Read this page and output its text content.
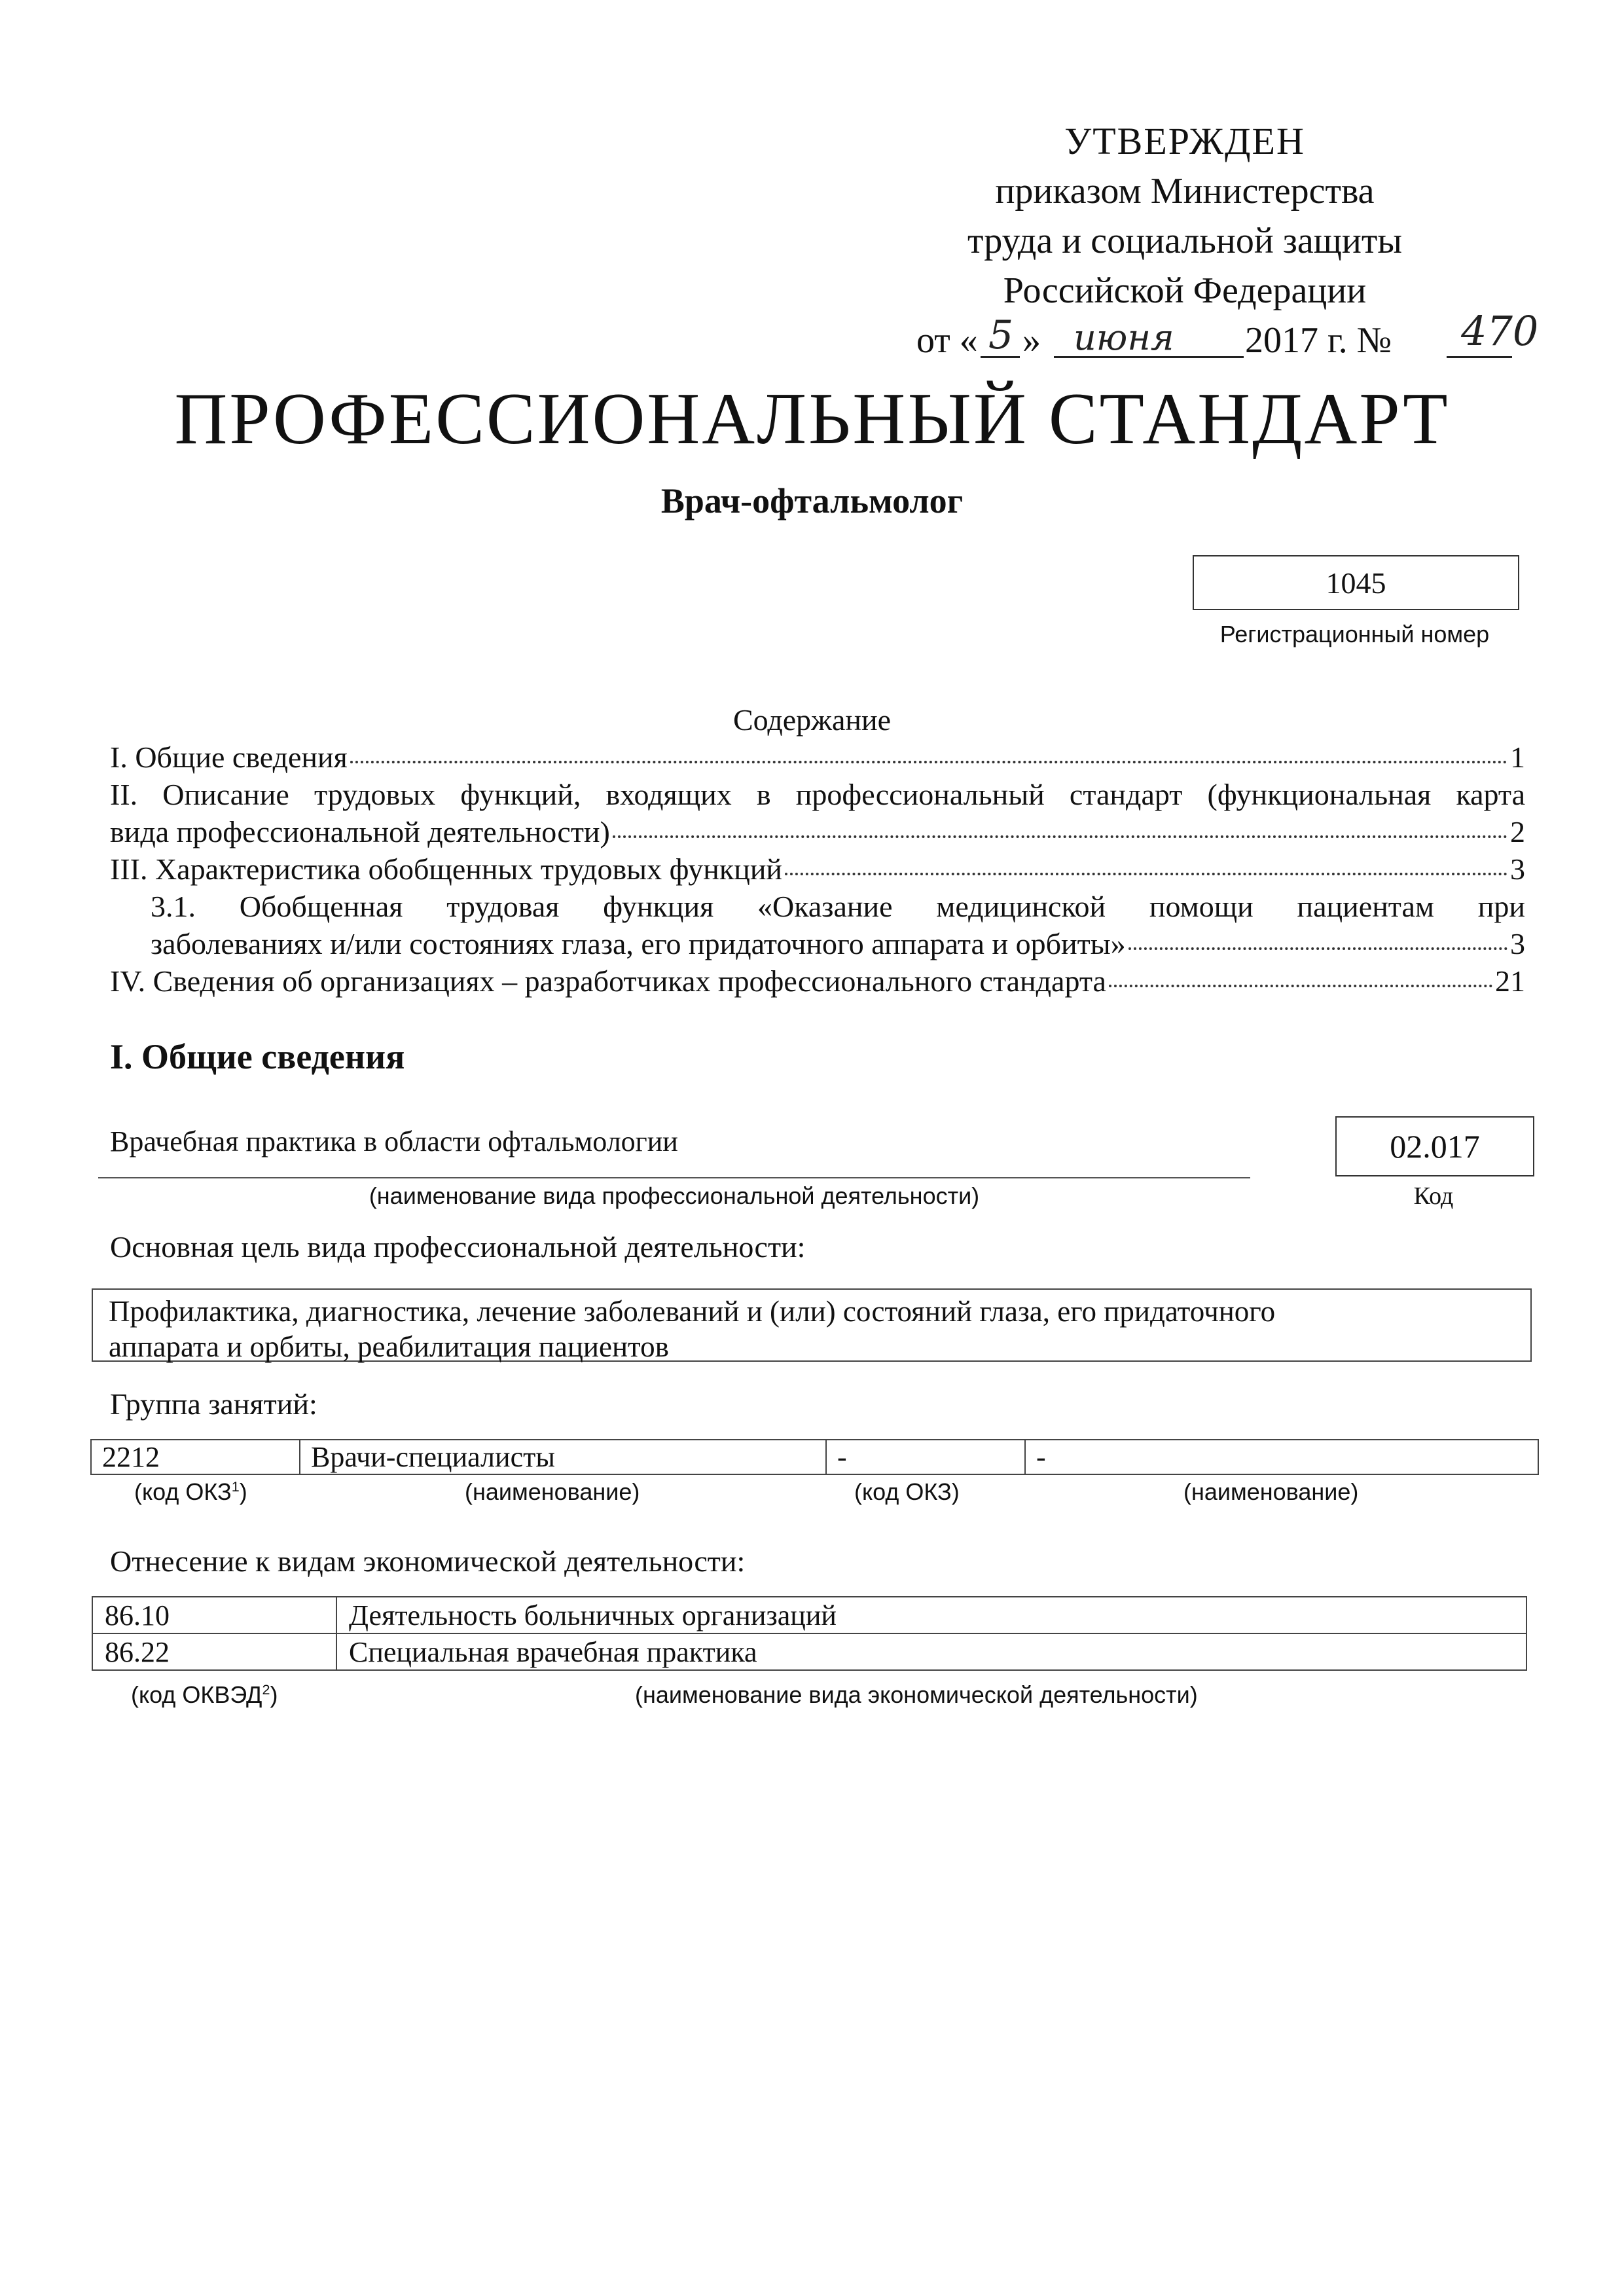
УТВЕРЖДЕН
приказом Министерства
труда и социальной защиты
Российской Федерации
от « 5 » июня 2017 г. № 470
ПРОФЕССИОНАЛЬНЫЙ СТАНДАРТ
Врач-офтальмолог
1045
Регистрационный номер
Содержание
I. Общие сведения	1
II. Описание трудовых функций, входящих в профессиональный стандарт (функциональная карта
вида профессиональной деятельности)	2
III. Характеристика обобщенных трудовых функций	3
3.1. Обобщенная трудовая функция «Оказание медицинской помощи пациентам при
заболеваниях и/или состояниях глаза, его придаточного аппарата и орбиты»	3
IV. Сведения об организациях – разработчиках профессионального стандарта	21
I. Общие сведения
Врачебная практика в области офтальмологии
(наименование вида профессиональной деятельности)
02.017
Код
Основная цель вида профессиональной деятельности:
Профилактика, диагностика, лечение заболеваний и (или) состояний глаза, его придаточного
аппарата и орбиты, реабилитация пациентов
Группа занятий:
2212	Врачи-специалисты	-	-
(код ОКЗ$^1$)	(наименование)	(код ОКЗ)	(наименование)
Отнесение к видам экономической деятельности:
86.10	Деятельность больничных организаций
86.22	Специальная врачебная практика
(код ОКВЭД$^2$)	(наименование вида экономической деятельности)
